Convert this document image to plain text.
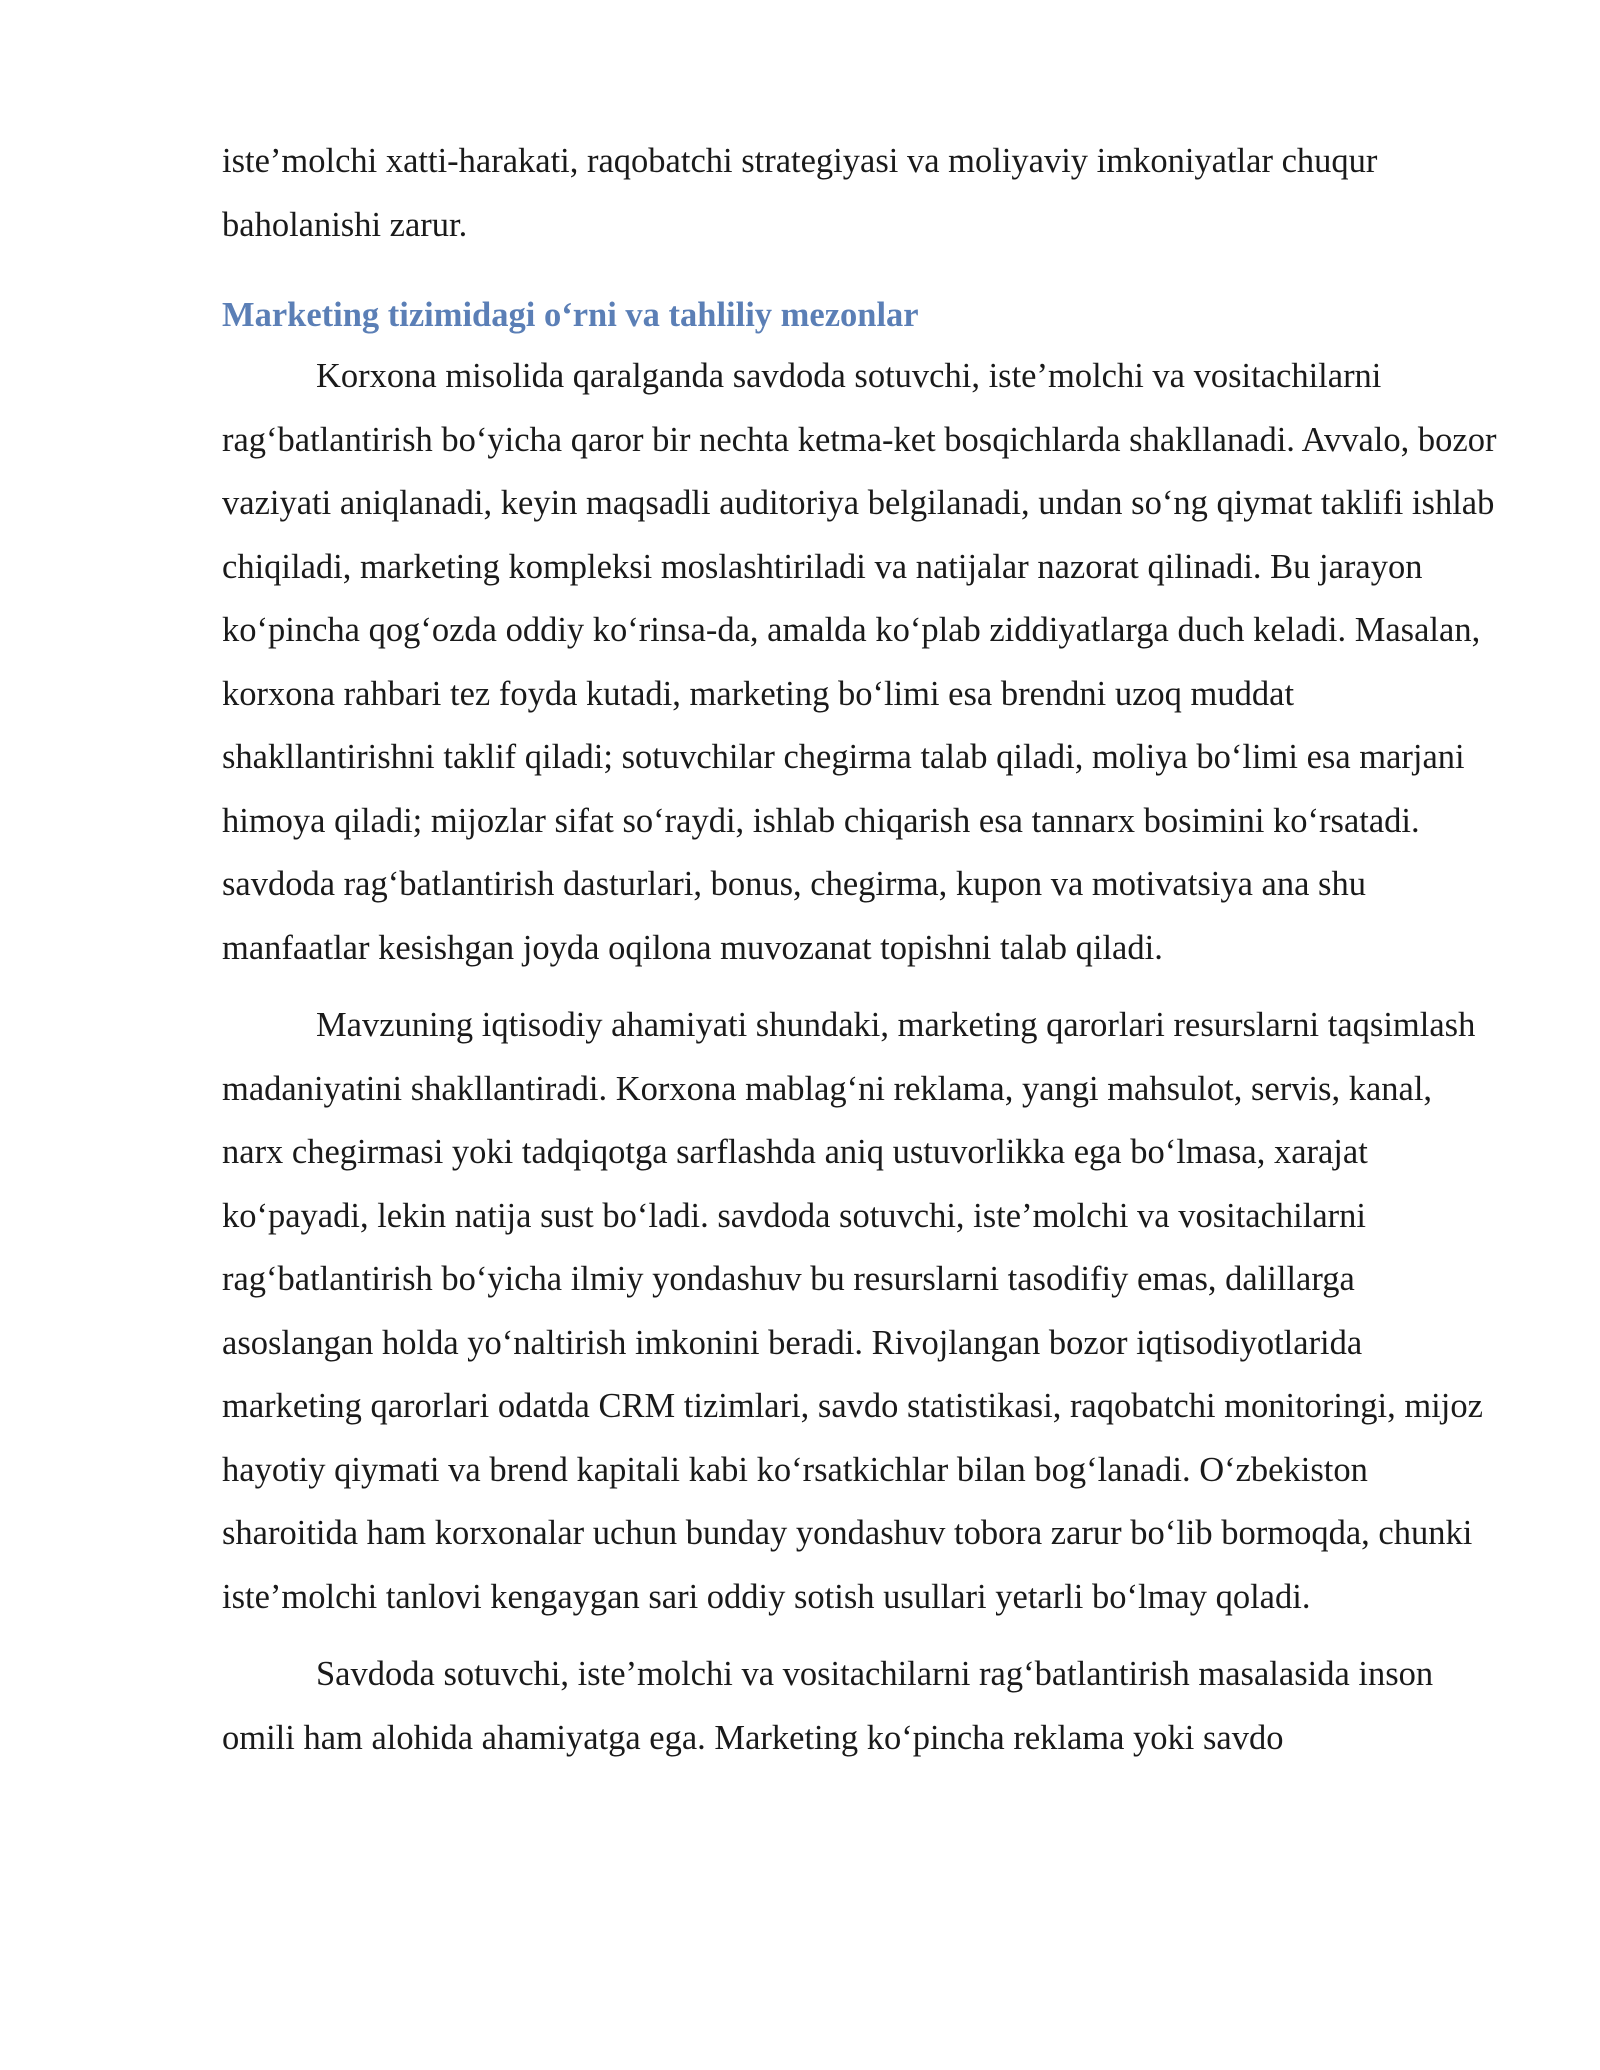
iste’molchi xatti-harakati, raqobatchi strategiyasi va moliyaviy imkoniyatlar chuqur baholanishi zarur.

Marketing tizimidagi o‘rni va tahliliy mezonlar

Korxona misolida qaralganda savdoda sotuvchi, iste’molchi va vositachilarni rag‘batlantirish bo‘yicha qaror bir nechta ketma-ket bosqichlarda shakllanadi. Avvalo, bozor vaziyati aniqlanadi, keyin maqsadli auditoriya belgilanadi, undan so‘ng qiymat taklifi ishlab chiqiladi, marketing kompleksi moslashtiriladi va natijalar nazorat qilinadi. Bu jarayon ko‘pincha qog‘ozda oddiy ko‘rinsa-da, amalda ko‘plab ziddiyatlarga duch keladi. Masalan, korxona rahbari tez foyda kutadi, marketing bo‘limi esa brendni uzoq muddat shakllantirishni taklif qiladi; sotuvchilar chegirma talab qiladi, moliya bo‘limi esa marjani himoya qiladi; mijozlar sifat so‘raydi, ishlab chiqarish esa tannarx bosimini ko‘rsatadi. savdoda rag‘batlantirish dasturlari, bonus, chegirma, kupon va motivatsiya ana shu manfaatlar kesishgan joyda oqilona muvozanat topishni talab qiladi.

Mavzuning iqtisodiy ahamiyati shundaki, marketing qarorlari resurslarni taqsimlash madaniyatini shakllantiradi. Korxona mablag‘ni reklama, yangi mahsulot, servis, kanal, narx chegirmasi yoki tadqiqotga sarflashda aniq ustuvorlikka ega bo‘lmasa, xarajat ko‘payadi, lekin natija sust bo‘ladi. savdoda sotuvchi, iste’molchi va vositachilarni rag‘batlantirish bo‘yicha ilmiy yondashuv bu resurslarni tasodifiy emas, dalillarga asoslangan holda yo‘naltirish imkonini beradi. Rivojlangan bozor iqtisodiyotlarida marketing qarorlari odatda CRM tizimlari, savdo statistikasi, raqobatchi monitoringi, mijoz hayotiy qiymati va brend kapitali kabi ko‘rsatkichlar bilan bog‘lanadi. O‘zbekiston sharoitida ham korxonalar uchun bunday yondashuv tobora zarur bo‘lib bormoqda, chunki iste’molchi tanlovi kengaygan sari oddiy sotish usullari yetarli bo‘lmay qoladi.

Savdoda sotuvchi, iste’molchi va vositachilarni rag‘batlantirish masalasida inson omili ham alohida ahamiyatga ega. Marketing ko‘pincha reklama yoki savdo
